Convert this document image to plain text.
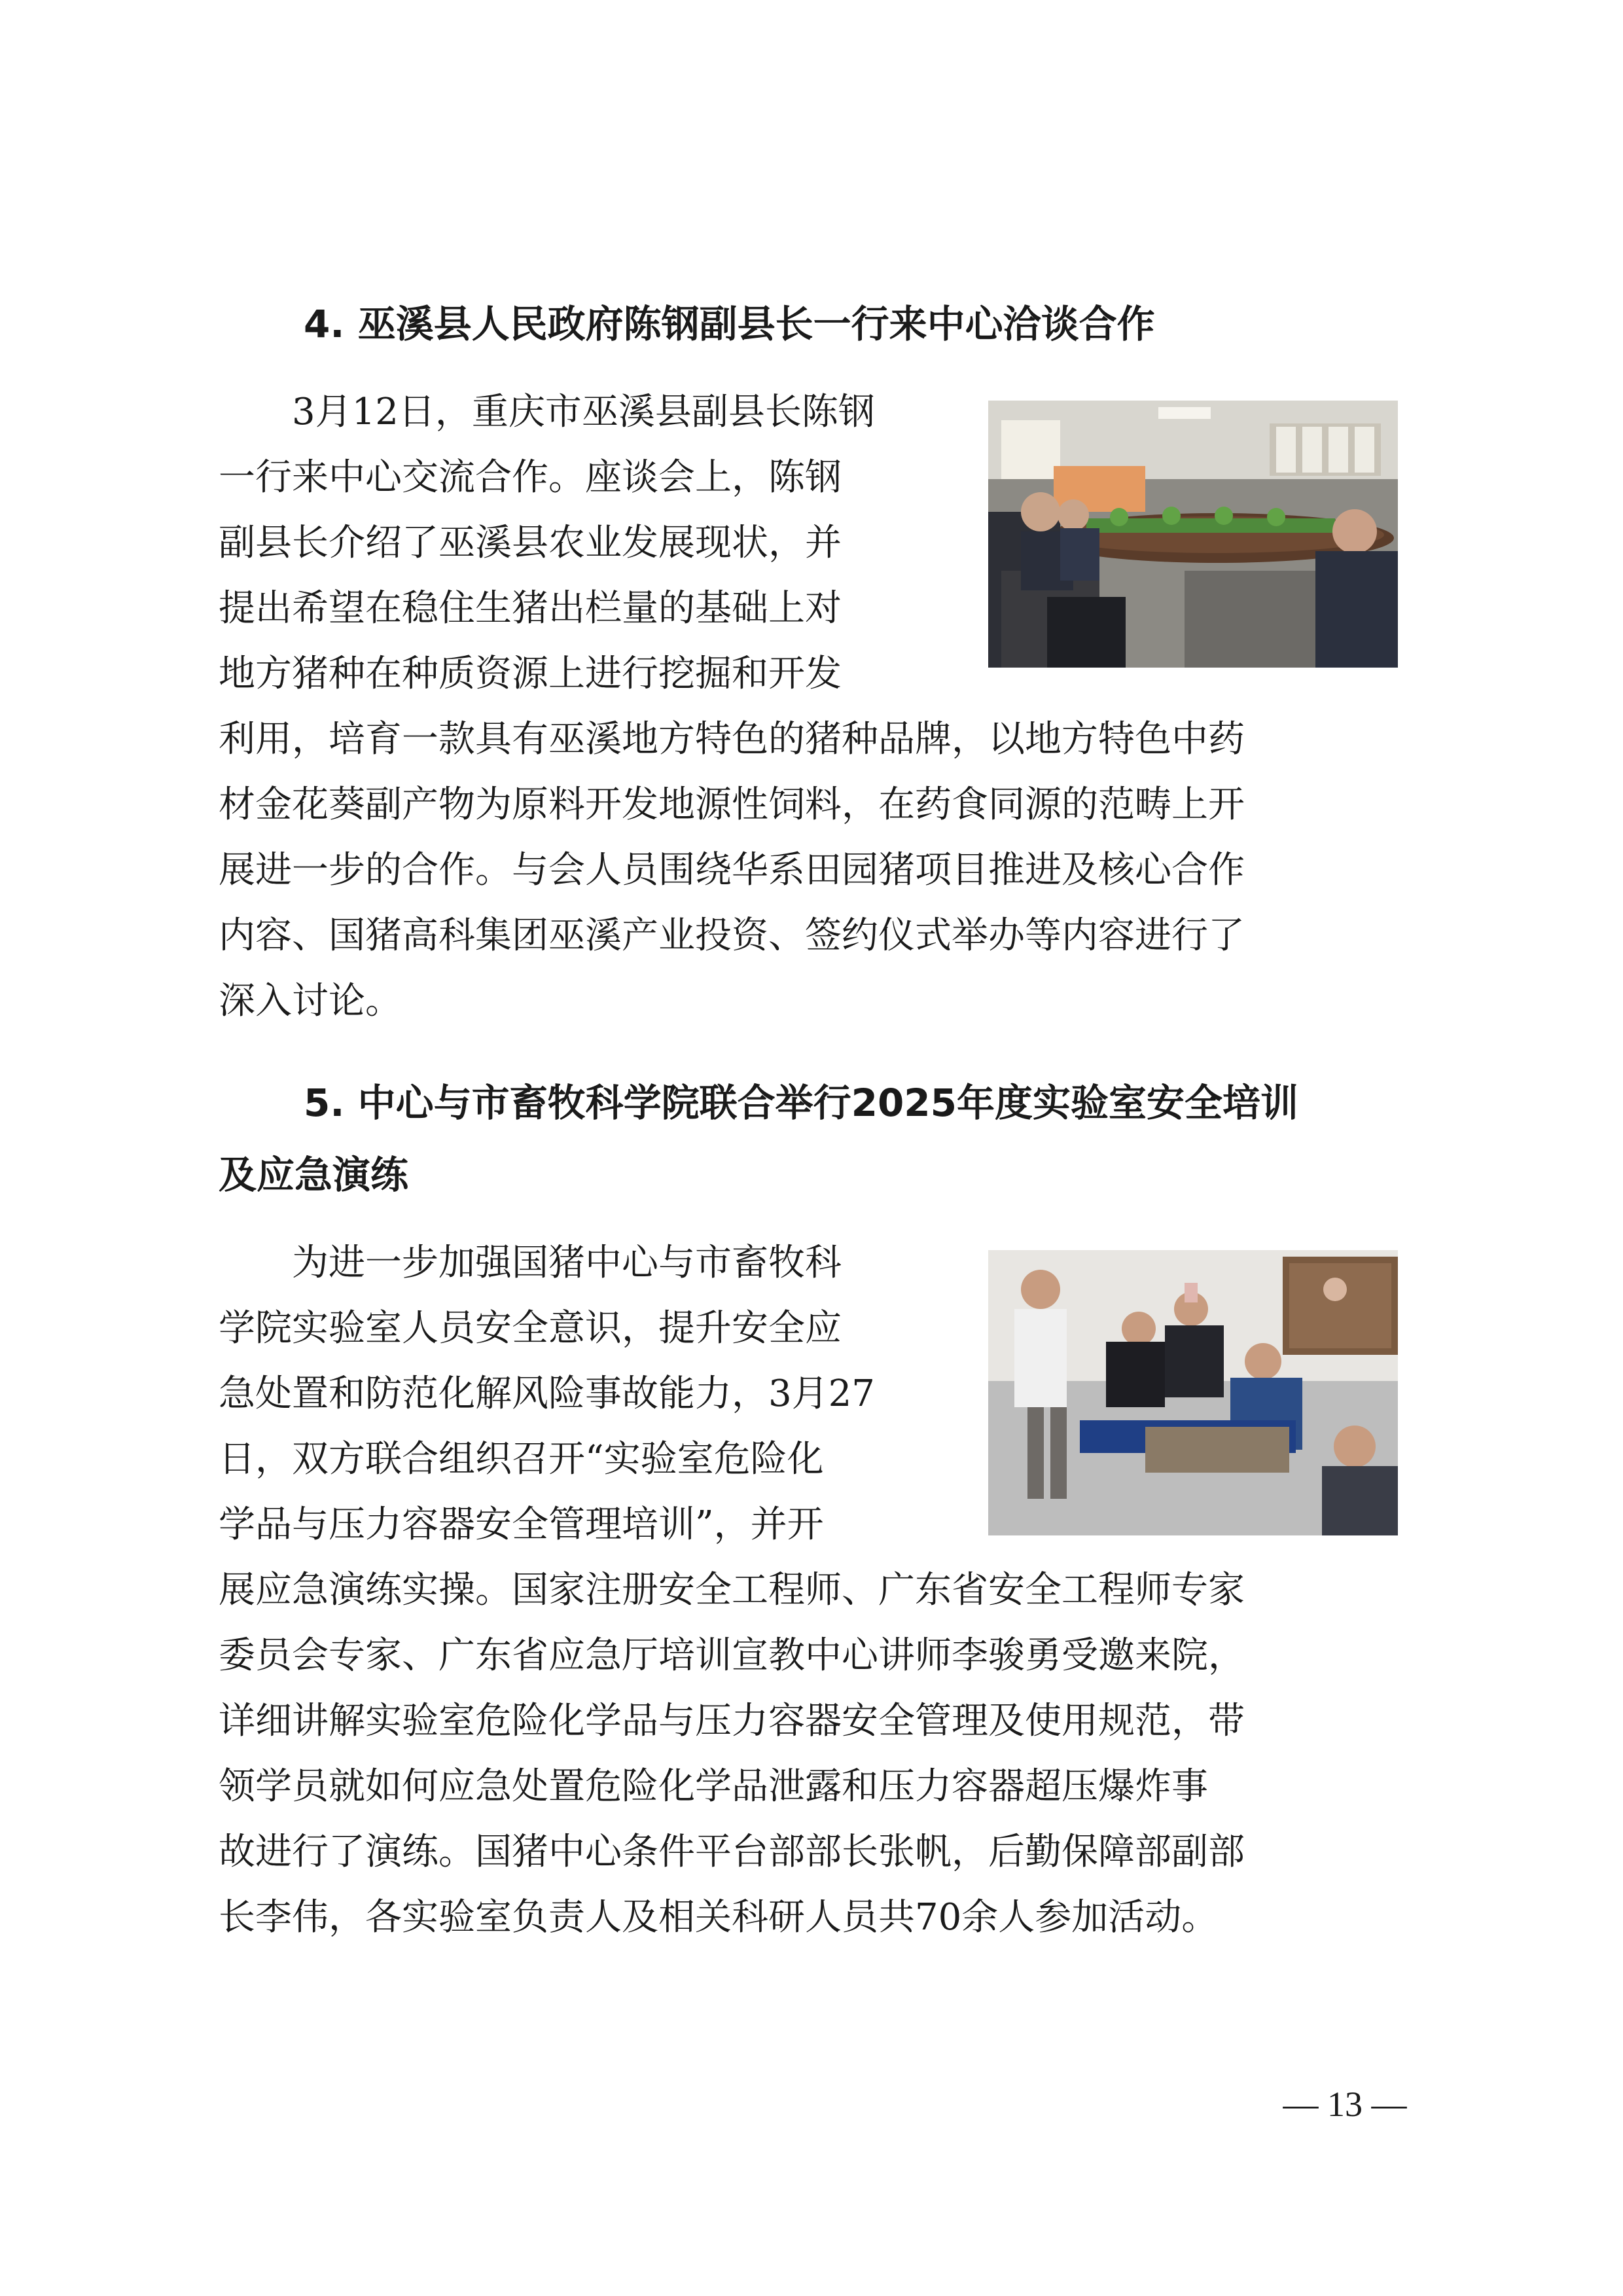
4. 巫溪县人民政府陈钢副县长一行来中心洽谈合作
3月12日，重庆市巫溪县副县长陈钢
一行来中心交流合作。座谈会上，陈钢
副县长介绍了巫溪县农业发展现状，并
提出希望在稳住生猪出栏量的基础上对
地方猪种在种质资源上进行挖掘和开发
利用，培育一款具有巫溪地方特色的猪种品牌，以地方特色中药
材金花葵副产物为原料开发地源性饲料，在药食同源的范畴上开
展进一步的合作。与会人员围绕华系田园猪项目推进及核心合作
内容、国猪高科集团巫溪产业投资、签约仪式举办等内容进行了
深入讨论。
5. 中心与市畜牧科学院联合举行2025年度实验室安全培训
及应急演练
为进一步加强国猪中心与市畜牧科
学院实验室人员安全意识，提升安全应
急处置和防范化解风险事故能力，3月27
日，双方联合组织召开“实验室危险化
学品与压力容器安全管理培训”，并开
展应急演练实操。国家注册安全工程师、广东省安全工程师专家
委员会专家、广东省应急厅培训宣教中心讲师李骏勇受邀来院，
详细讲解实验室危险化学品与压力容器安全管理及使用规范，带
领学员就如何应急处置危险化学品泄露和压力容器超压爆炸事
故进行了演练。国猪中心条件平台部部长张帆，后勤保障部副部
长李伟，各实验室负责人及相关科研人员共70余人参加活动。
— 13 —
